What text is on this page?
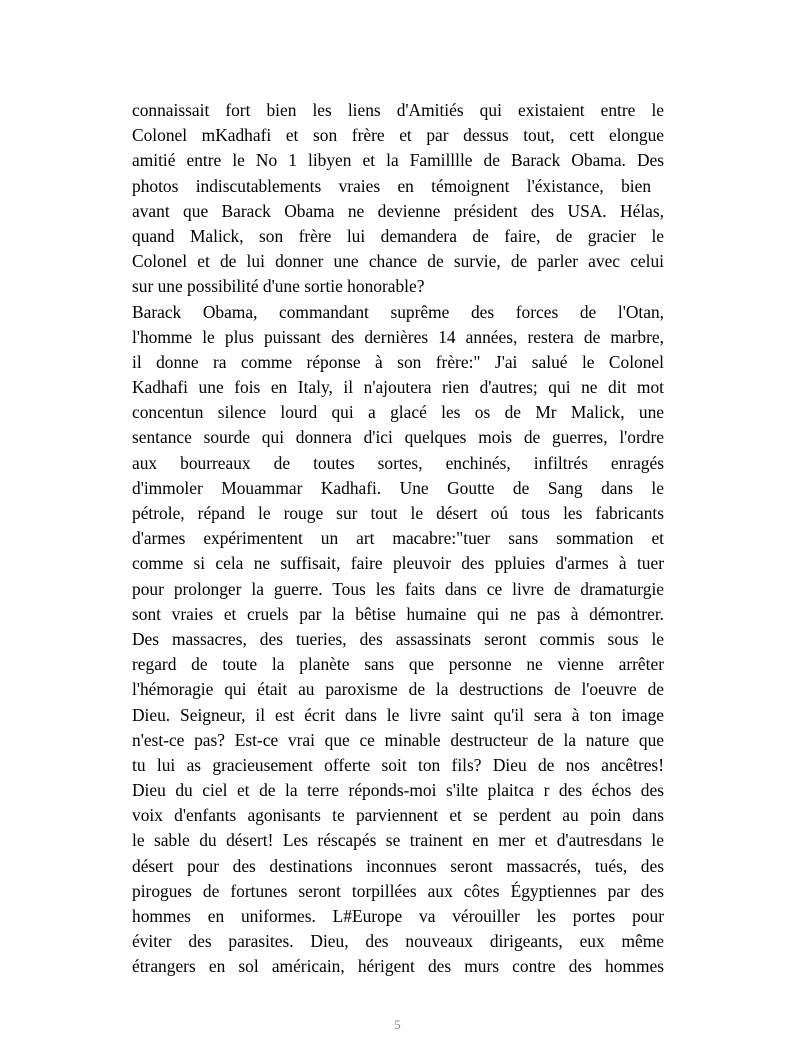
connaissait fort bien les liens d'Amitiés qui existaient entre le
Colonel mKadhafi et son frère et par dessus tout, cett elongue
amitié entre le No 1 libyen et la Familllle de Barack Obama. Des
photos indiscutablements vraies en témoignent l'éxistance, bien
avant que Barack Obama ne devienne président des USA. Hélas,
quand Malick, son frère lui demandera de faire, de gracier le
Colonel et de lui donner une chance de survie, de parler avec celui
sur une possibilité d'une sortie honorable?
Barack Obama, commandant suprême des forces de l'Otan,
l'homme le plus puissant des dernières 14 années, restera de marbre,
il donne ra comme réponse à son frère:" J'ai salué le Colonel
Kadhafi une fois en Italy, il n'ajoutera rien d'autres; qui ne dit mot
concentun silence lourd qui a glacé les os de Mr Malick, une
sentance sourde qui donnera d'ici quelques mois de guerres, l'ordre
aux bourreaux de toutes sortes, enchinés, infiltrés enragés
d'immoler Mouammar Kadhafi. Une Goutte de Sang dans le
pétrole, répand le rouge sur tout le désert oú tous les fabricants
d'armes expérimentent un art macabre:"tuer sans sommation et
comme si cela ne suffisait, faire pleuvoir des ppluies d'armes à tuer
pour prolonger la guerre. Tous les faits dans ce livre de dramaturgie
sont vraies et cruels par la bêtise humaine qui ne pas à démontrer.
Des massacres, des tueries, des assassinats seront commis sous le
regard de toute la planète sans que personne ne vienne arrêter
l'hémoragie qui était au paroxisme de la destructions de l'oeuvre de
Dieu. Seigneur, il est écrit dans le livre saint qu'il sera à ton image
n'est-ce pas? Est-ce vrai que ce minable destructeur de la nature que
tu lui as gracieusement offerte soit ton fils? Dieu de nos ancêtres!
Dieu du ciel et de la terre réponds-moi s'ilte plaitca r des échos des
voix d'enfants agonisants te parviennent et se perdent au poin dans
le sable du désert! Les réscapés se trainent en mer et d'autresdans le
désert pour des destinations inconnues seront massacrés, tués, des
pirogues de fortunes seront torpillées aux côtes Égyptiennes par des
hommes en uniformes. L#Europe va vérouiller les portes pour
éviter des parasites. Dieu, des nouveaux dirigeants, eux même
étrangers en sol américain, hérigent des murs contre des hommes
5
